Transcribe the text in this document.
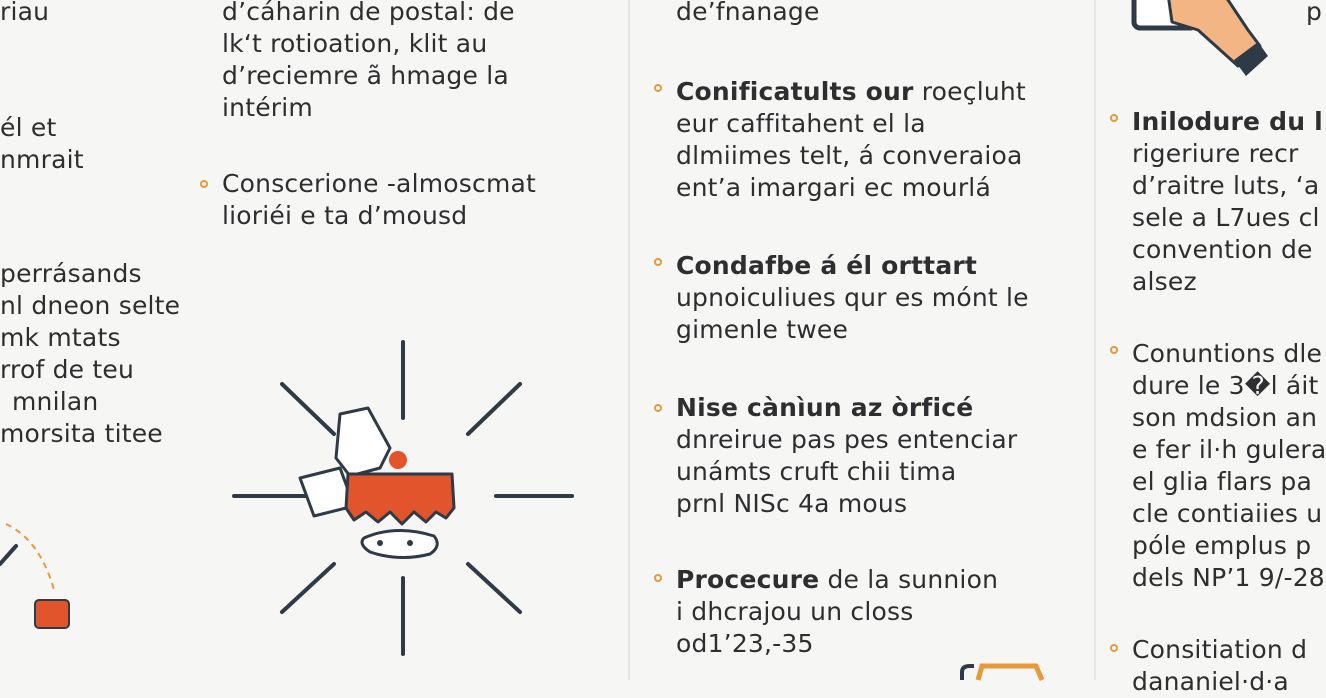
riau
él et
nmrait
perrásands
nl dneon selte
mk mtats
rrof de teu
mnilan
morsita titee
d’cáharin de postal: de
lk‘t rotioation, klit au
d’reciemre ã hmage la
intérim
Conscerione -almoscmat
lioriéi e ta d’mousd
de’fnanage
Conificatults our roeçluht
eur caffitahent el la
dlmiimes telt, á converaioa
ent’a imargari ec mourlá
Condafbe á él orttart
upnoiculiues qur es mónt le
gimenle twee
Nise cànìun az òrficé
dnreirue pas pes entenciar
unámts cruft chii tima
prnl NISc 4a mous
Procecure de la sunnion
i dhcrajou un closs
od1’23,-35
p
Inilodure du l
rigeriure recr
d’raitre luts, ‘a
sele a L7ues cl
convention de
alsez
Conuntions dle
dure le 3�l áit
son mdsion an
e fer il·h gulera
el glia flars pa
cle contiaiies u
póle emplus p
dels NP’1 9/-28
Consitiation d
dananiel·d·a
